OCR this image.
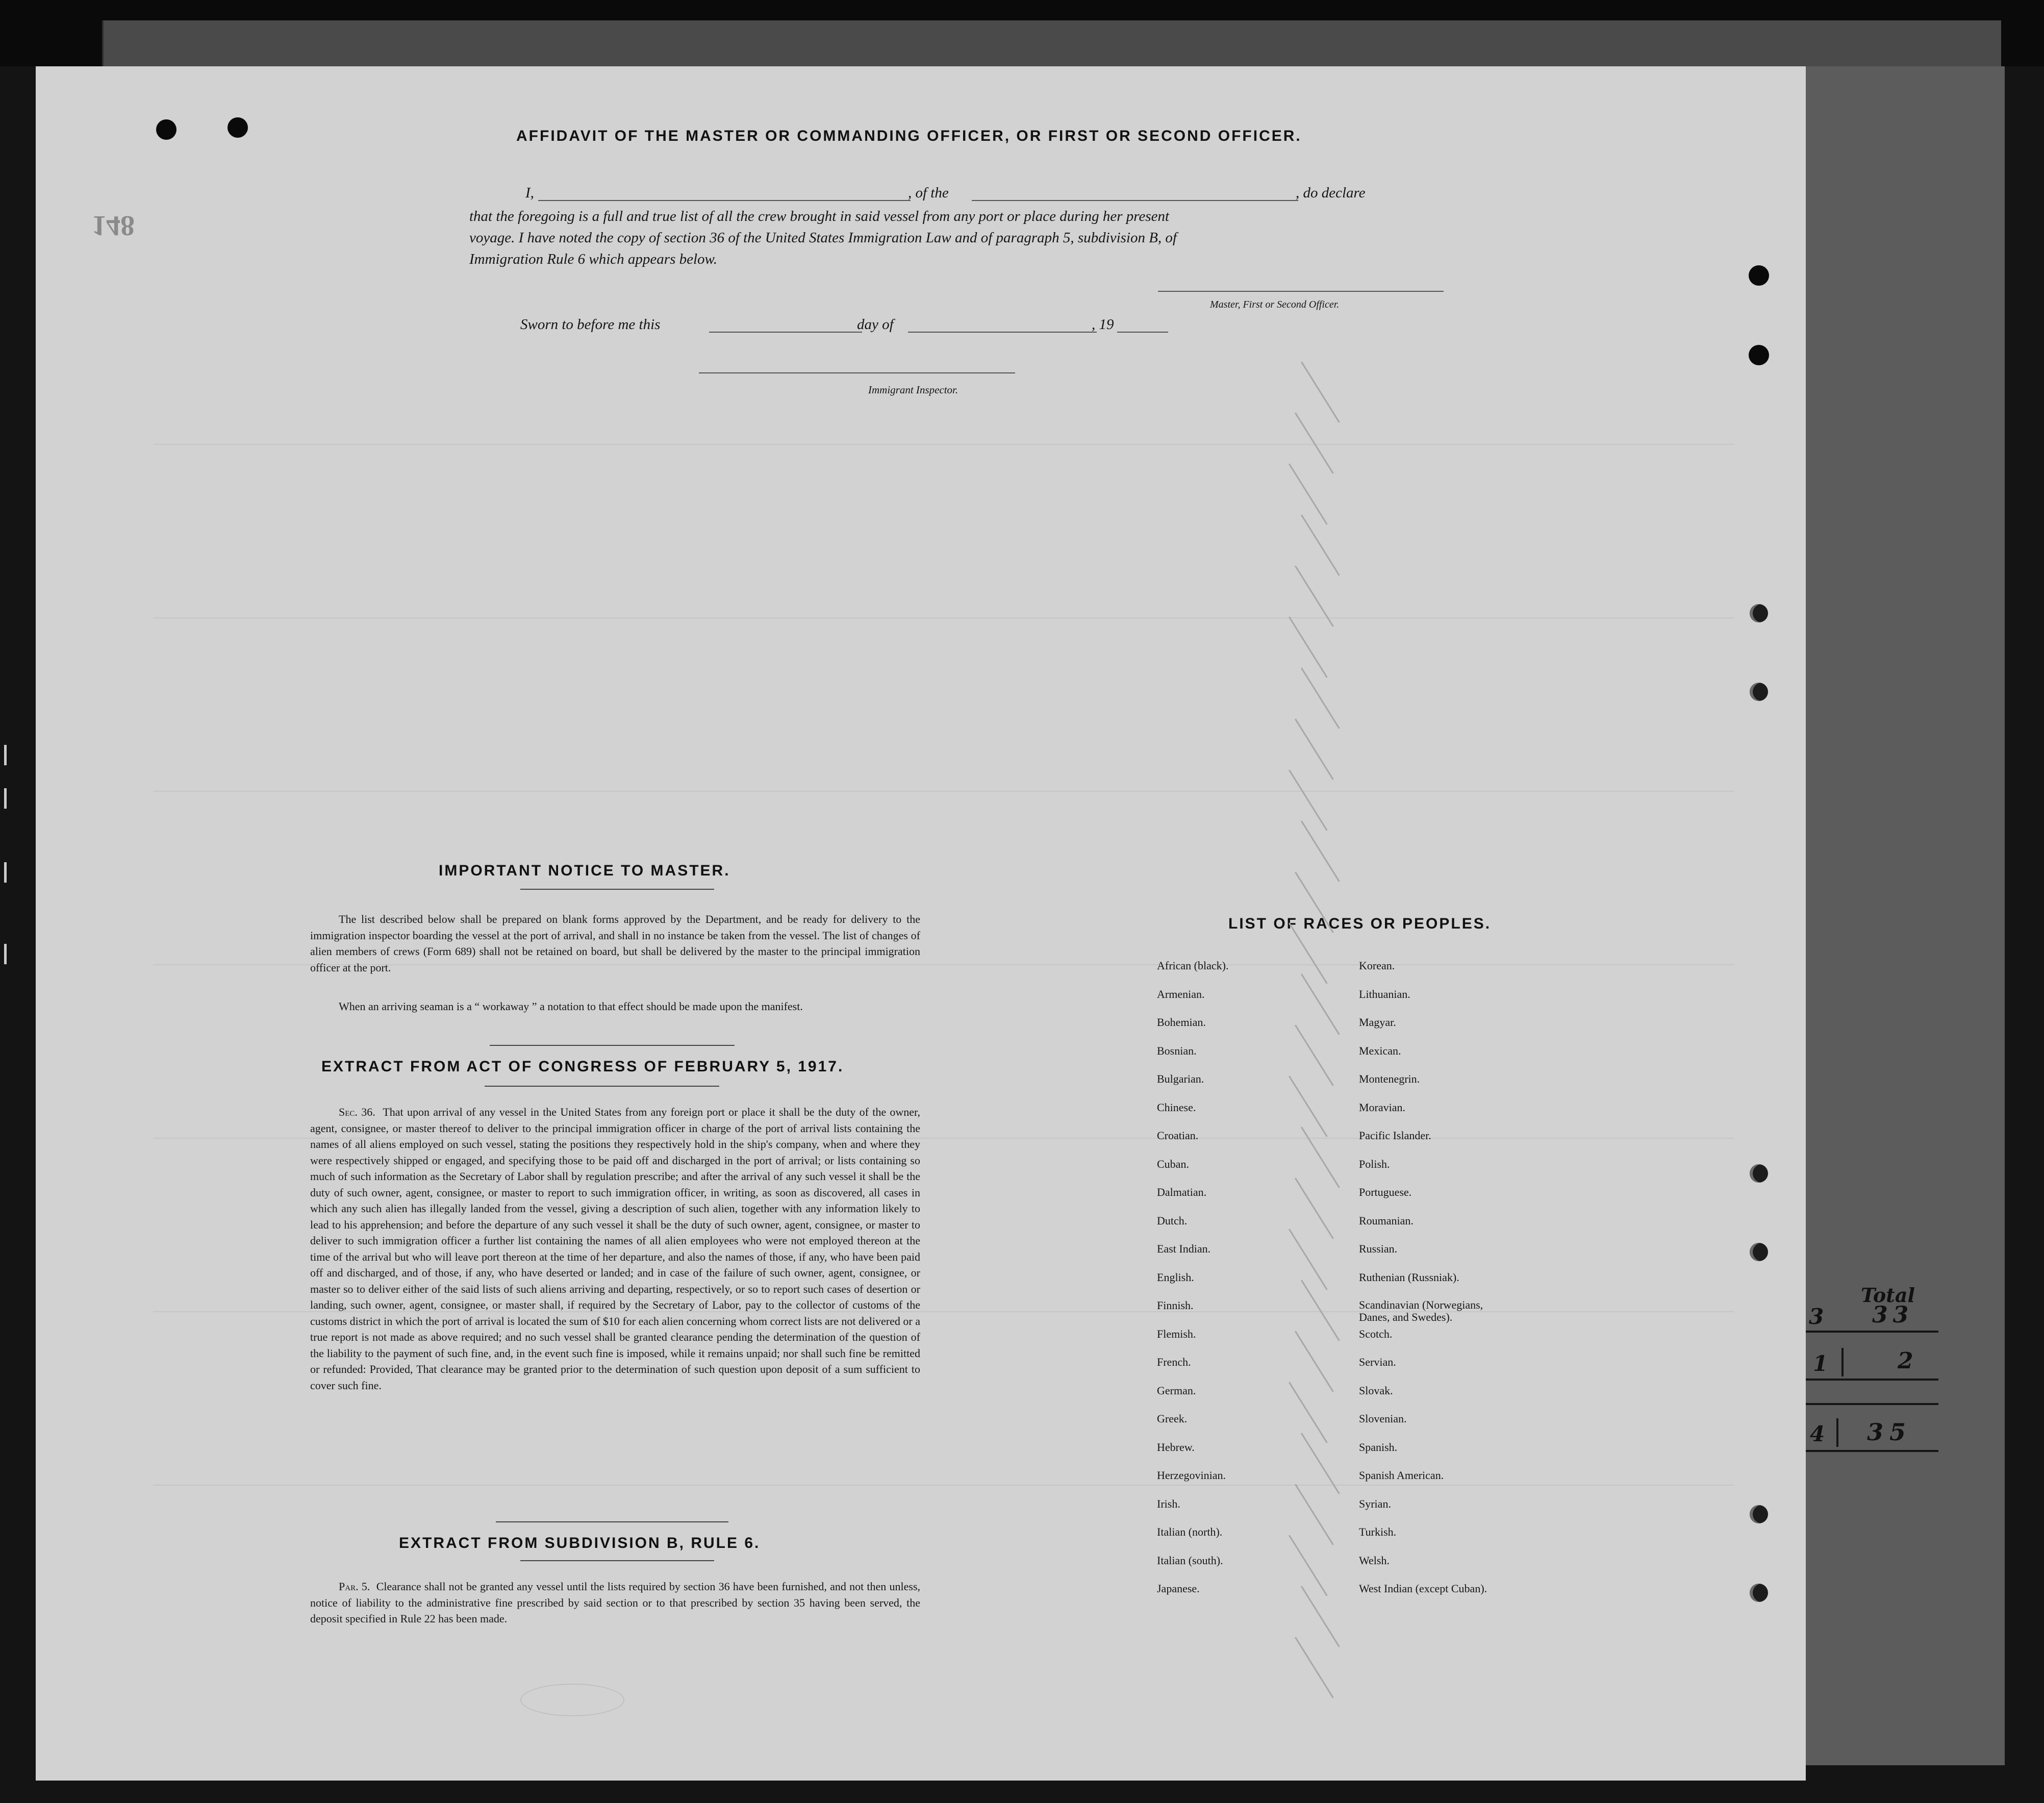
148
AFFIDAVIT OF THE MASTER OR COMMANDING OFFICER, OR FIRST OR SECOND OFFICER.
I,	, of the	, do declare
that the foregoing is a full and true list of all the crew brought in said vessel from any port or place during her present
voyage. I have noted the copy of section 36 of the United States Immigration Law and of paragraph 5, subdivision B, of
Immigration Rule 6 which appears below.
Master, First or Second Officer.
Sworn to before me this	day of	, 19
Immigrant Inspector.
IMPORTANT NOTICE TO MASTER.
The list described below shall be prepared on blank forms approved by the Department, and be ready for delivery to the immigration inspector boarding the vessel at the port of arrival, and shall in no instance be taken from the vessel. The list of changes of alien members of crews (Form 689) shall not be retained on board, but shall be delivered by the master to the principal immigration officer at the port.
When an arriving seaman is a “ workaway ” a notation to that effect should be made upon the manifest.
EXTRACT FROM ACT OF CONGRESS OF FEBRUARY 5, 1917.
Sec. 36. That upon arrival of any vessel in the United States from any foreign port or place it shall be the duty of the owner, agent, consignee, or master thereof to deliver to the principal immigration officer in charge of the port of arrival lists containing the names of all aliens employed on such vessel, stating the positions they respectively hold in the ship's company, when and where they were respectively shipped or engaged, and specifying those to be paid off and discharged in the port of arrival; or lists containing so much of such information as the Secretary of Labor shall by regulation prescribe; and after the arrival of any such vessel it shall be the duty of such owner, agent, consignee, or master to report to such immigration officer, in writing, as soon as discovered, all cases in which any such alien has illegally landed from the vessel, giving a description of such alien, together with any information likely to lead to his apprehension; and before the departure of any such vessel it shall be the duty of such owner, agent, consignee, or master to deliver to such immigration officer a further list containing the names of all alien employees who were not employed thereon at the time of the arrival but who will leave port thereon at the time of her departure, and also the names of those, if any, who have been paid off and discharged, and of those, if any, who have deserted or landed; and in case of the failure of such owner, agent, consignee, or master so to deliver either of the said lists of such aliens arriving and departing, respectively, or so to report such cases of desertion or landing, such owner, agent, consignee, or master shall, if required by the Secretary of Labor, pay to the collector of customs of the customs district in which the port of arrival is located the sum of $10 for each alien concerning whom correct lists are not delivered or a true report is not made as above required; and no such vessel shall be granted clearance pending the determination of the question of the liability to the payment of such fine, and, in the event such fine is imposed, while it remains unpaid; nor shall such fine be remitted or refunded: Provided, That clearance may be granted prior to the determination of such question upon deposit of a sum sufficient to cover such fine.
EXTRACT FROM SUBDIVISION B, RULE 6.
Par. 5. Clearance shall not be granted any vessel until the lists required by section 36 have been furnished, and not then unless, notice of liability to the administrative fine prescribed by said section or to that prescribed by section 35 having been served, the deposit specified in Rule 22 has been made.
LIST OF RACES OR PEOPLES.
Total
3 33
1	2
4 35
African (black).
Armenian.
Bohemian.
Bosnian.
Bulgarian.
Chinese.
Croatian.
Cuban.
Dalmatian.
Dutch.
East Indian.
English.
Finnish.
Flemish.
French.
German.
Greek.
Hebrew.
Herzegovinian.
Irish.
Italian (north).
Italian (south).
Japanese.
Korean.
Lithuanian.
Magyar.
Mexican.
Montenegrin.
Moravian.
Pacific Islander.
Polish.
Portuguese.
Roumanian.
Russian.
Ruthenian (Russniak).
Scandinavian (Norwegians, Danes, and Swedes).
Scotch.
Servian.
Slovak.
Slovenian.
Spanish.
Spanish American.
Syrian.
Turkish.
Welsh.
West Indian (except Cuban).
